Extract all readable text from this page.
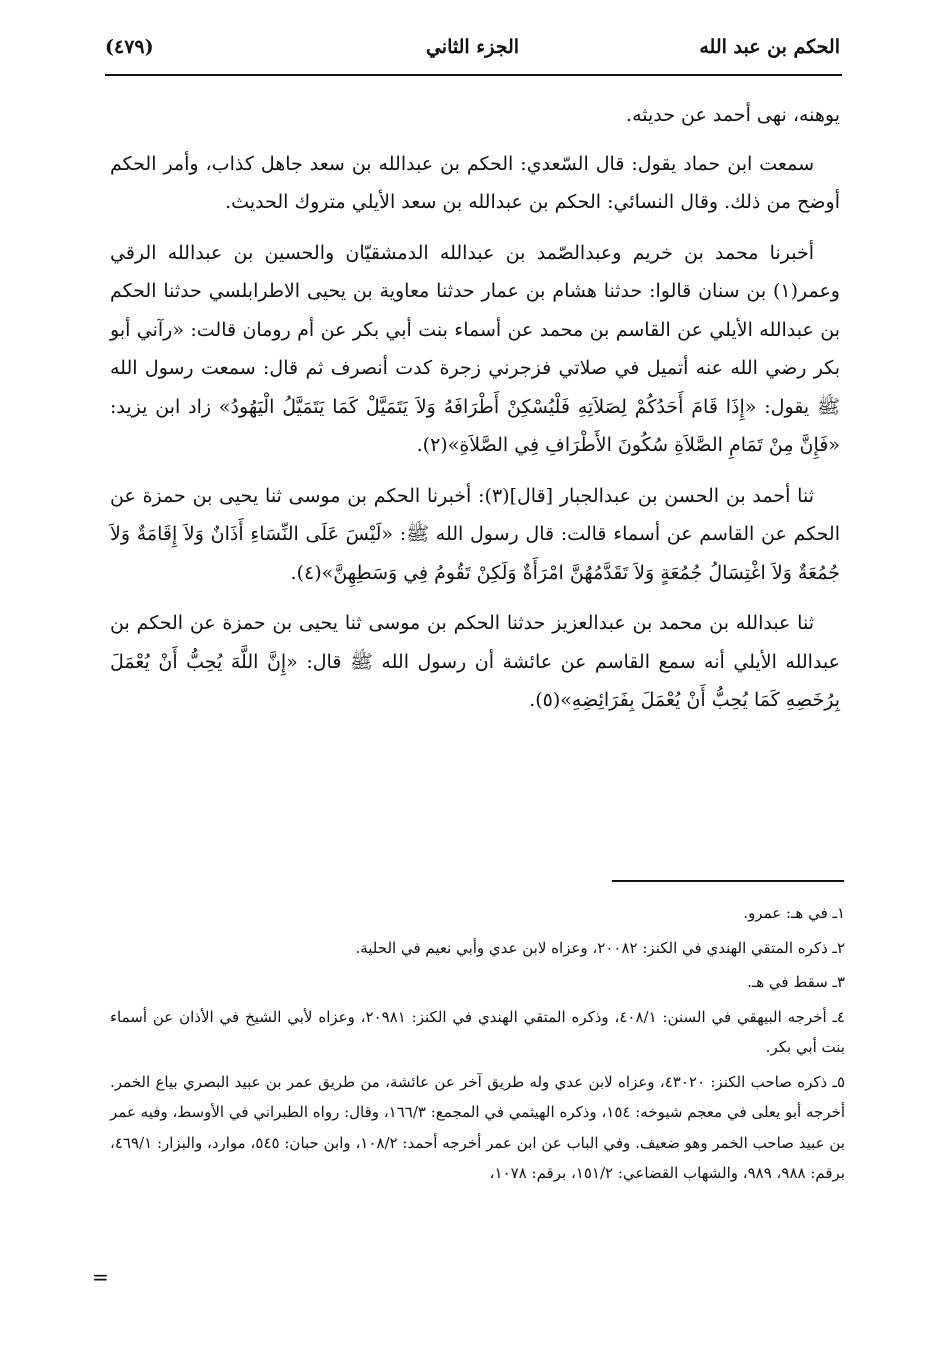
الحكم بن عبد الله
الجزء الثاني
(٤٧٩)

يوهنه، نهى أحمد عن حديثه.

سمعت ابن حماد يقول: قال السّعدي: الحكم بن عبدالله بن سعد جاهل كذاب، وأمر الحكم أوضح من ذلك. وقال النسائي: الحكم بن عبدالله بن سعد الأيلي متروك الحديث.

أخبرنا محمد بن خريم وعبدالصّمد بن عبدالله الدمشقيّان والحسين بن عبدالله الرقي وعمر(١) بن سنان قالوا: حدثنا هشام بن عمار حدثنا معاوية بن يحيى الاطرابلسي حدثنا الحكم بن عبدالله الأيلي عن القاسم بن محمد عن أسماء بنت أبي بكر عن أم رومان قالت: «رآني أبو بكر رضي الله عنه أتميل في صلاتي فزجرني زجرة كدت أنصرف ثم قال: سمعت رسول الله ﷺ يقول: «إِذَا قَامَ أَحَدُكُمْ لِصَلاَتِهِ فَلْيُسْكِنْ أَطْرَافَهُ وَلاَ يَتَمَيَّلْ كَمَا يَتَمَيَّلُ الْيَهُودُ» زاد ابن يزيد: «فَإِنَّ مِنْ تَمَامِ الصَّلاَةِ سُكُونَ الأَطْرَافِ فِي الصَّلاَةِ»(٢).

ثنا أحمد بن الحسن بن عبدالجبار [قال](٣): أخبرنا الحكم بن موسى ثنا يحيى بن حمزة عن الحكم عن القاسم عن أسماء قالت: قال رسول الله ﷺ: «لَيْسَ عَلَى النِّسَاءِ أَذَانٌ وَلاَ إِقَامَةٌ وَلاَ جُمُعَةٌ وَلاَ اغْتِسَالُ جُمُعَةٍ وَلاَ تَقَدَّمُهُنَّ امْرَأَةٌ وَلَكِنْ تَقُومُ فِي وَسَطِهِنَّ»(٤).

ثنا عبدالله بن محمد بن عبدالعزيز حدثنا الحكم بن موسى ثنا يحيى بن حمزة عن الحكم بن عبدالله الأيلي أنه سمع القاسم عن عائشة أن رسول الله ﷺ قال: «إِنَّ اللَّهَ يُحِبُّ أَنْ يُعْمَلَ بِرُخَصِهِ كَمَا يُحِبُّ أَنْ يُعْمَلَ بِفَرَائِضِهِ»(٥).

١ـ في هـ: عمرو.

٢ـ ذكره المتقي الهندي في الكنز: ٢٠٠٨٢، وعزاه لابن عدي وأبي نعيم في الحلية.

٣ـ سقط في هـ.

٤ـ أخرجه البيهقي في السنن: ٤٠٨/١، وذكره المتقي الهندي في الكنز: ٢٠٩٨١، وعزاه لأبي الشيخ في الأذان عن أسماء بنت أبي بكر.

٥ـ ذكره صاحب الكنز: ٤٣٠٢٠، وعزاه لابن عدي وله طريق آخر عن عائشة، من طريق عمر بن عبيد البصري بياع الخمر. أخرجه أبو يعلى في معجم شيوخه: ١٥٤، وذكره الهيثمي في المجمع: ١٦٦/٣، وقال: رواه الطبراني في الأوسط، وفيه عمر بن عبيد صاحب الخمر وهو ضعيف. وفي الباب عن ابن عمر أخرجه أحمد: ١٠٨/٢، وابن حبان: ٥٤٥، موارد، والبزار: ٤٦٩/١، برقم: ٩٨٨، ٩٨٩، والشهاب القضاعي: ١٥١/٢، برقم: ١٠٧٨،

=
